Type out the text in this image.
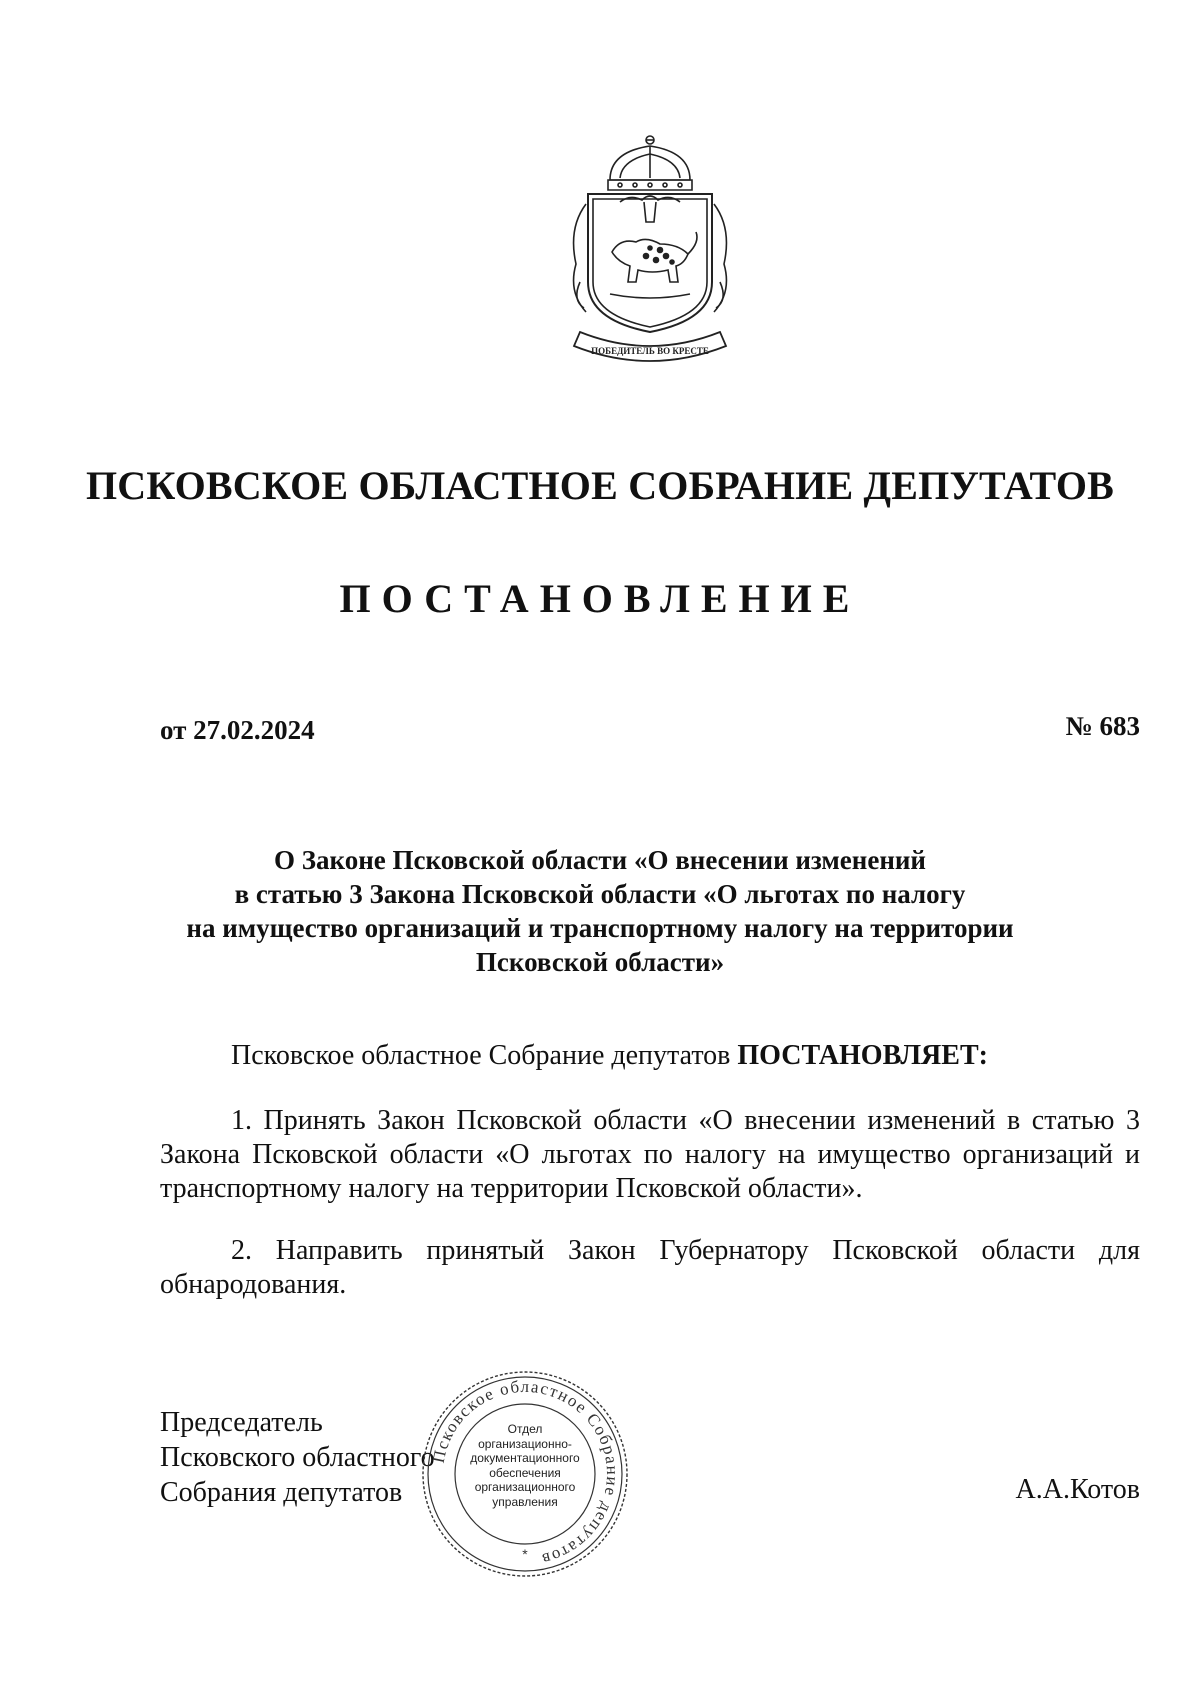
ПОБЕДИТЕЛЬ ВО КРЕСТЕ
ПСКОВСКОЕ ОБЛАСТНОЕ СОБРАНИЕ ДЕПУТАТОВ
ПОСТАНОВЛЕНИЕ
от 27.02.2024	№ 683
О Законе Псковской области «О внесении изменений
в статью 3 Закона Псковской области «О льготах по налогу
на имущество организаций и транспортному налогу на территории
Псковской области»
Псковское областное Собрание депутатов ПОСТАНОВЛЯЕТ:
1. Принять Закон Псковской области «О внесении изменений в статью 3 Закона Псковской области «О льготах по налогу на имущество организаций и транспортному налогу на территории Псковской области».
2. Направить принятый Закон Губернатору Псковской области для обнародования.
Председатель
Псковского областного
Собрания депутатов
Псковское областное Собрание депутатов
*
Отдел
организационно-
документационного
обеспечения
организационного
управления	А.А.Котов
